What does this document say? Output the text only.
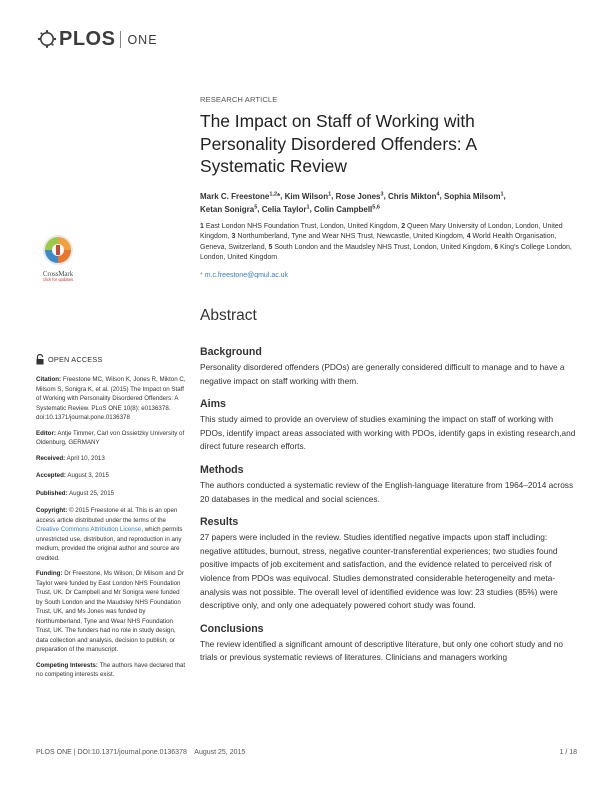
PLOS ONE
CrossMark
click for updates
OPEN ACCESS
Citation: Freestone MC, Wilson K, Jones R, Mikton C, Milsom S, Sonigra K, et al. (2015) The Impact on Staff of Working with Personality Disordered Offenders: A Systematic Review. PLoS ONE 10(8): e0136378. doi:10.1371/journal.pone.0136378
Editor: Antje Timmer, Carl von Ossietzky University of Oldenburg, GERMANY
Received: April 10, 2013
Accepted: August 3, 2015
Published: August 25, 2015
Copyright: © 2015 Freestone et al. This is an open access article distributed under the terms of the Creative Commons Attribution License, which permits unrestricted use, distribution, and reproduction in any medium, provided the original author and source are credited.
Funding: Dr Freestone, Ms Wilson, Dr Milsom and Dr Taylor were funded by East London NHS Foundation Trust, UK. Dr Campbell and Mr Sonigra were funded by South London and the Maudsley NHS Foundation Trust, UK, and Ms Jones was funded by Northumberland, Tyne and Wear NHS Foundation Trust, UK. The funders had no role in study design, data collection and analysis, decision to publish, or preparation of the manuscript.
Competing Interests: The authors have declared that no competing interests exist.
RESEARCH ARTICLE
The Impact on Staff of Working with Personality Disordered Offenders: A Systematic Review
Mark C. Freestone$^{1,2}$*, Kim Wilson$^1$, Rose Jones$^3$, Chris Mikton$^4$, Sophia Milsom$^1$,
Ketan Sonigra$^5$, Celia Taylor$^1$, Colin Campbell$^{5,6}$
1 East London NHS Foundation Trust, London, United Kingdom, 2 Queen Mary University of London, London, United Kingdom, 3 Northumberland, Tyne and Wear NHS Trust, Newcastle, United Kingdom, 4 World Health Organisation, Geneva, Switzerland, 5 South London and the Maudsley NHS Trust, London, United Kingdom, 6 King's College London, London, United Kingdom
* m.c.freestone@qmul.ac.uk
Abstract
Background
Personality disordered offenders (PDOs) are generally considered difficult to manage and to have a negative impact on staff working with them.
Aims
This study aimed to provide an overview of studies examining the impact on staff of working with PDOs, identify impact areas associated with working with PDOs, identify gaps in existing research,and direct future research efforts.
Methods
The authors conducted a systematic review of the English-language literature from 1964–2014 across 20 databases in the medical and social sciences.
Results
27 papers were included in the review. Studies identified negative impacts upon staff including: negative attitudes, burnout, stress, negative counter-transferential experiences; two studies found positive impacts of job excitement and satisfaction, and the evidence related to perceived risk of violence from PDOs was equivocal. Studies demonstrated considerable heterogeneity and meta-analysis was not possible. The overall level of identified evidence was low: 23 studies (85%) were descriptive only, and only one adequately powered cohort study was found.
Conclusions
The review identified a significant amount of descriptive literature, but only one cohort study and no trials or previous systematic reviews of literatures. Clinicians and managers working
PLOS ONE | DOI:10.1371/journal.pone.0136378 August 25, 2015	1 / 18
